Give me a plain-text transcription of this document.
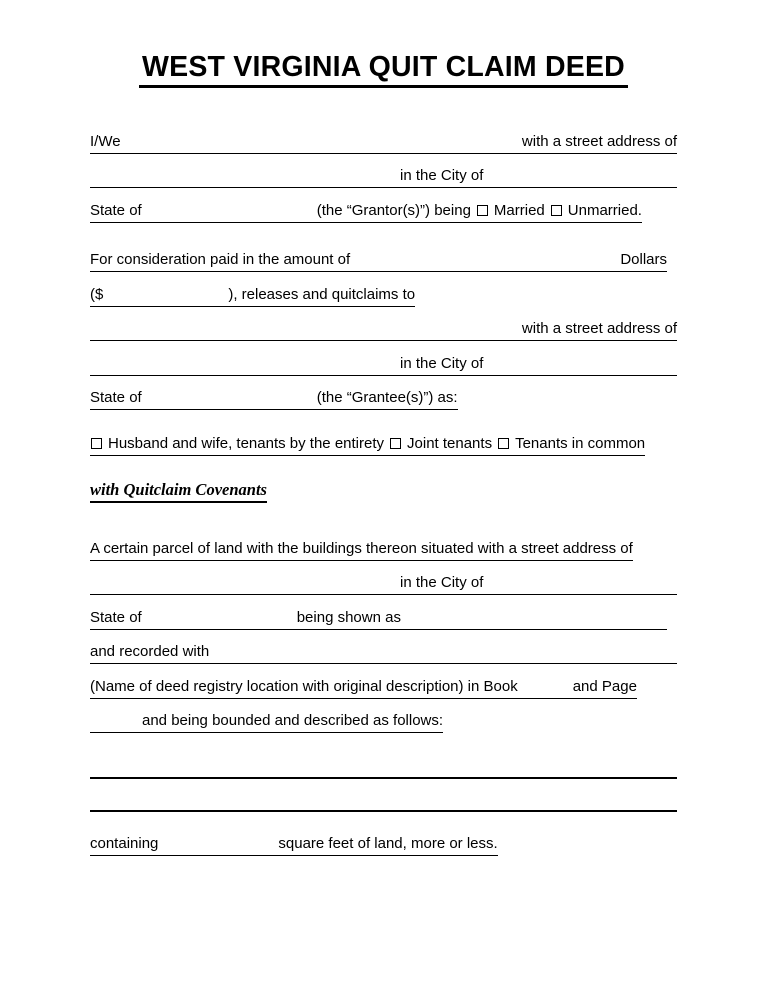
WEST VIRGINIA QUIT CLAIM DEED
I/We	with a street address of
in the City of
State of	(the “Grantor(s)”) being Married Unmarried.
For consideration paid in the amount of	Dollars
($	), releases and quitclaims to
with a street address of
in the City of
State of	(the “Grantee(s)”) as:
Husband and wife, tenants by the entirety Joint tenants Tenants in common
with Quitclaim Covenants
A certain parcel of land with the buildings thereon situated with a street address of
in the City of
State of	being shown as
and recorded with
(Name of deed registry location with original description) in Book	and Page
and being bounded and described as follows:
containing	square feet of land, more or less.
